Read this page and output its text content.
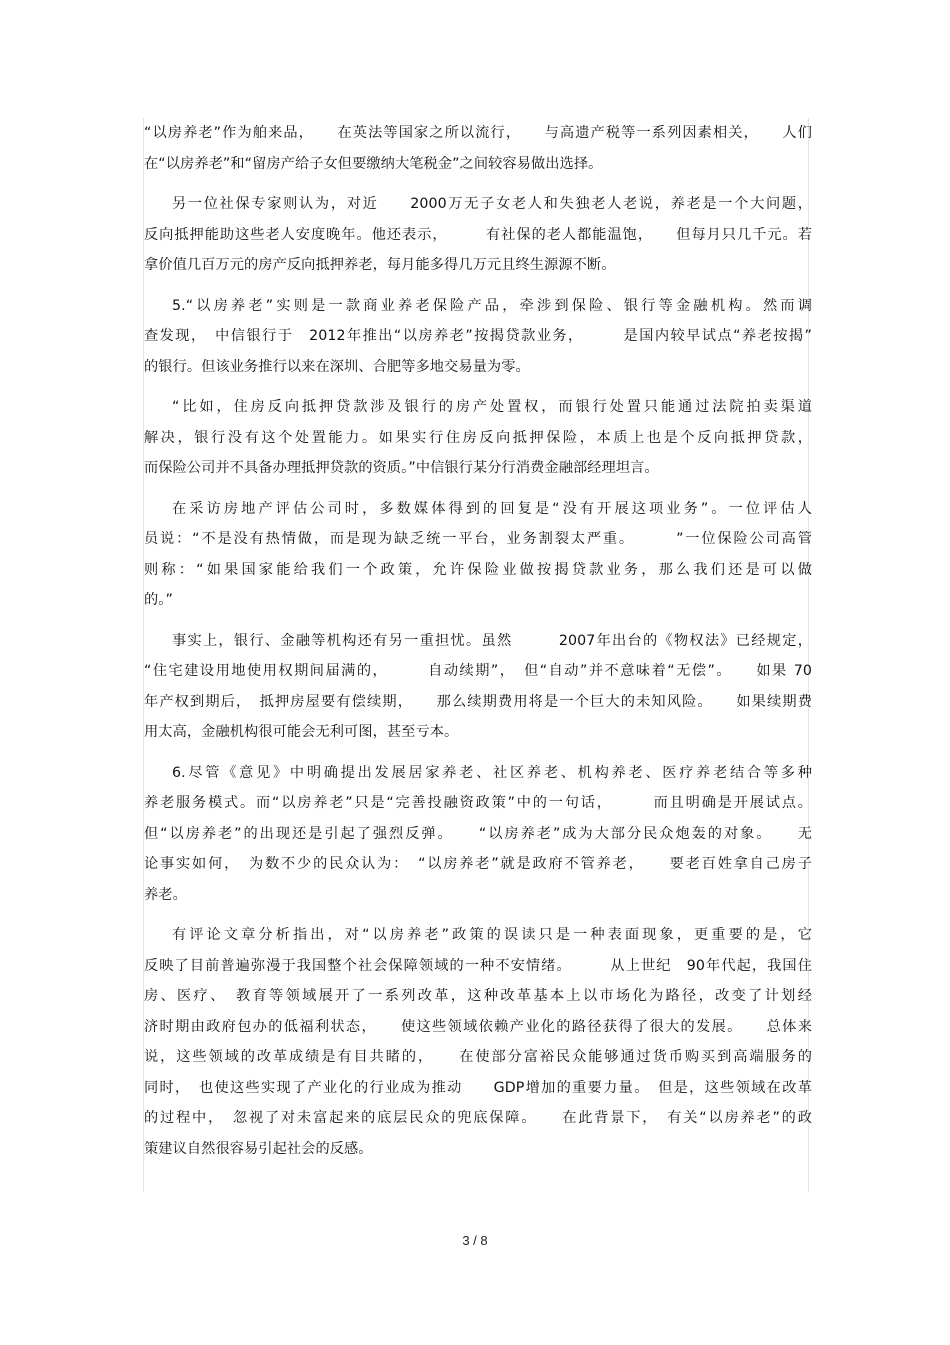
“以房养老”作为舶来品，　　在英法等国家之所以流行，　　与高遗产税等一系列因素相关，　　人们
在“以房养老”和“留房产给子女但要缴纳大笔税金”之间较容易做出选择。
另一位社保专家则认为，对近　　2000万无子女老人和失独老人老说，养老是一个大问题，
反向抵押能助这些老人安度晚年。他还表示，　　　有社保的老人都能温饱，　　但每月只几千元。若
拿价值几百万元的房产反向抵押养老，每月能多得几万元且终生源源不断。
5.“以房养老”实则是一款商业养老保险产品，牵涉到保险、银行等金融机构。然而调
查发现，　中信银行于　2012年推出“以房养老”按揭贷款业务，　　　是国内较早试点“养老按揭”
的银行。但该业务推行以来在深圳、合肥等多地交易量为零。
“比如，住房反向抵押贷款涉及银行的房产处置权，而银行处置只能通过法院拍卖渠道
解决，银行没有这个处置能力。如果实行住房反向抵押保险，本质上也是个反向抵押贷款，
而保险公司并不具备办理抵押贷款的资质。”中信银行某分行消费金融部经理坦言。
在采访房地产评估公司时，多数媒体得到的回复是“没有开展这项业务”。一位评估人
员说：“不是没有热情做，而是现为缺乏统一平台，业务割裂太严重。　　　”一位保险公司高管
则称：“如果国家能给我们一个政策，允许保险业做按揭贷款业务，那么我们还是可以做
的。”
事实上，银行、金融等机构还有另一重担忧。虽然　　　2007年出台的《物权法》已经规定，
“住宅建设用地使用权期间届满的，　　　自动续期”，　但“自动”并不意味着“无偿”。　　如果 70
年产权到期后，　抵押房屋要有偿续期，　　那么续期费用将是一个巨大的未知风险。　　如果续期费
用太高，金融机构很可能会无利可图，甚至亏本。
6.尽管《意见》中明确提出发展居家养老、社区养老、机构养老、医疗养老结合等多种
养老服务模式。而“以房养老”只是“完善投融资政策”中的一句话，　　　而且明确是开展试点。
但“以房养老”的出现还是引起了强烈反弹。　　“以房养老”成为大部分民众炮轰的对象。　　无
论事实如何，　为数不少的民众认为：　“以房养老”就是政府不管养老，　　要老百姓拿自己房子
养老。
有评论文章分析指出，对“以房养老”政策的误读只是一种表面现象，更重要的是，它
反映了目前普遍弥漫于我国整个社会保障领域的一种不安情绪。　　　从上世纪　90年代起，我国住
房、医疗、　教育等领域展开了一系列改革，这种改革基本上以市场化为路径，改变了计划经
济时期由政府包办的低福利状态，　　使这些领域依赖产业化的路径获得了很大的发展。　　总体来
说，这些领域的改革成绩是有目共睹的，　　在使部分富裕民众能够通过货币购买到高端服务的
同时，　也使这些实现了产业化的行业成为推动　　GDP增加的重要力量。　但是，这些领域在改革
的过程中，　忽视了对未富起来的底层民众的兜底保障。　　在此背景下，　有关“以房养老”的政
策建议自然很容易引起社会的反感。
3 / 8
